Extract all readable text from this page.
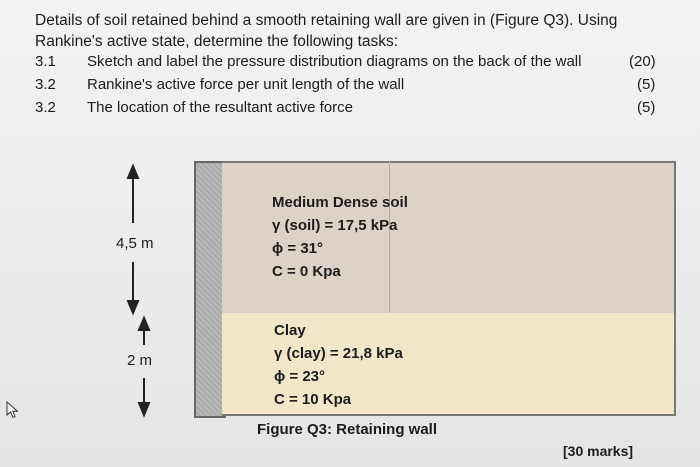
Details of soil retained behind a smooth retaining wall are given in (Figure Q3). Using
Rankine's active state, determine the following tasks:
3.1 Sketch and label the pressure distribution diagrams on the back of the wall	(20)
3.2 Rankine's active force per unit length of the wall	(5)
3.2 The location of the resultant active force	(5)
Medium Dense soil
γ (soil) = 17,5 kPa
ϕ = 31°
C = 0 Kpa
Clay
γ (clay) = 21,8 kPa
ϕ = 23°
C = 10 Kpa
4,5 m
2 m
Figure Q3: Retaining wall
[30 marks]
